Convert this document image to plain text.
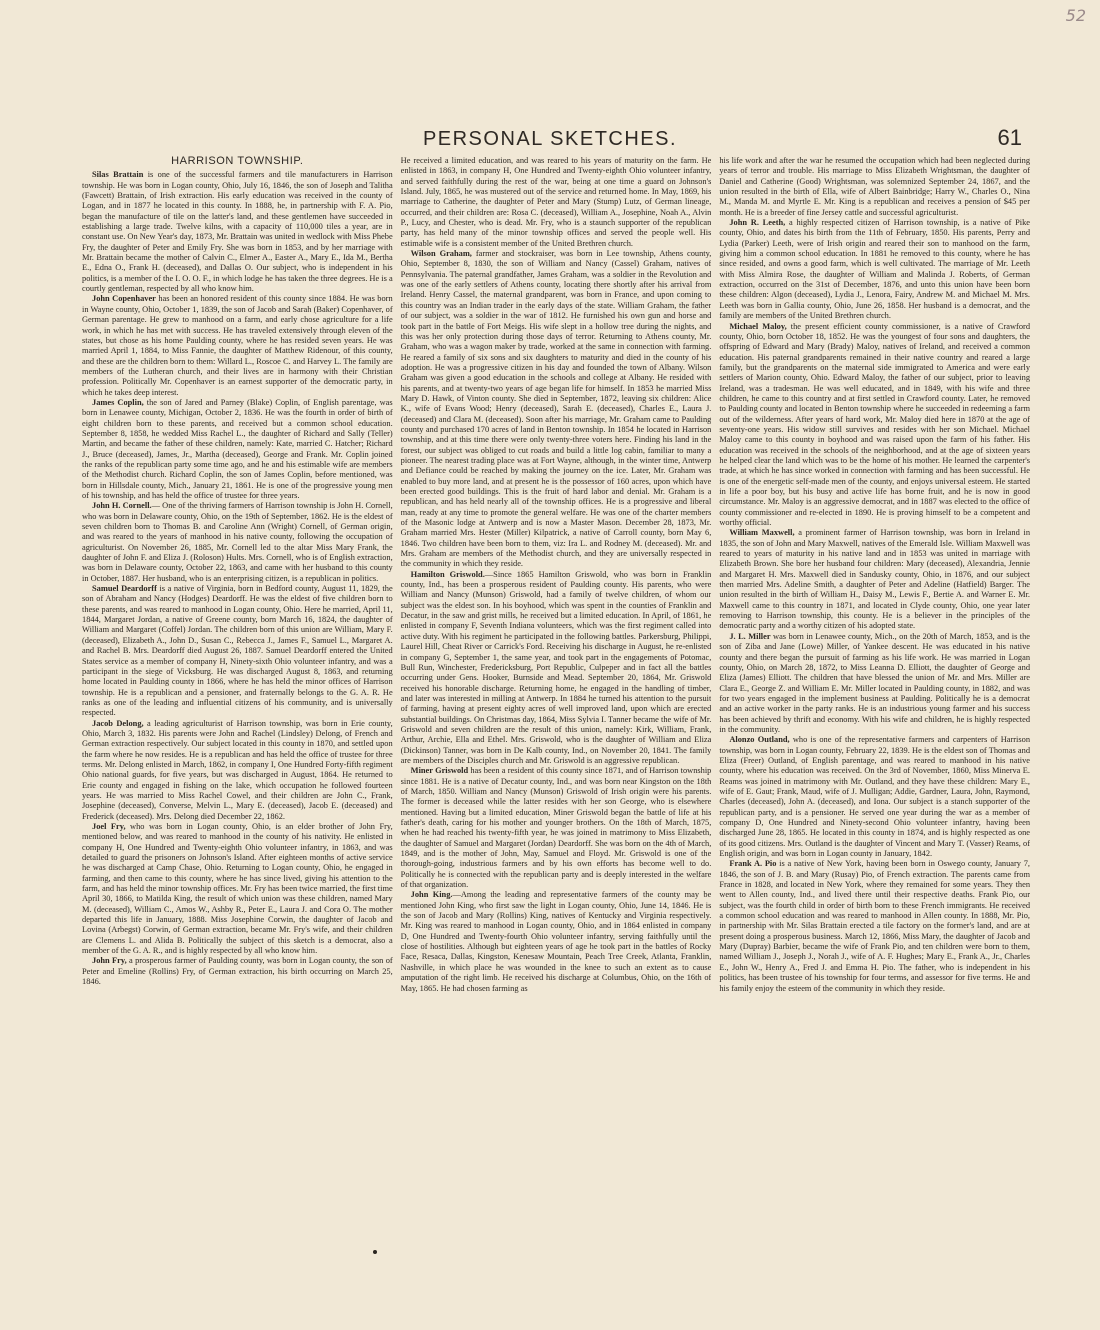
52
PERSONAL SKETCHES.	61
HARRISON TOWNSHIP.

Silas Brattain is one of the successful farmers and tile manufacturers in Harrison township. He was born in Logan county, Ohio, July 16, 1846, the son of Joseph and Talitha (Fawcett) Brattain, of Irish extraction. His early education was received in the county of Logan, and in 1877 he located in this county. In 1888, he, in partnership with F. A. Pio, began the manufacture of tile on the latter's land, and these gentlemen have succeeded in establishing a large trade. Twelve kilns, with a capacity of 110,000 tiles a year, are in constant use. On New Year's day, 1873, Mr. Brattain was united in wedlock with Miss Phebe Fry, the daughter of Peter and Emily Fry. She was born in 1853, and by her marriage with Mr. Brattain became the mother of Calvin C., Elmer A., Easter A., Mary E., Ida M., Bertha E., Edna O., Frank H. (deceased), and Dallas O. Our subject, who is independent in his politics, is a member of the I. O. O. F., in which lodge he has taken the three degrees. He is a courtly gentleman, respected by all who know him.

John Copenhaver has been an honored resident of this county since 1884. He was born in Wayne county, Ohio, October 1, 1839, the son of Jacob and Sarah (Baker) Copenhaver, of German parentage. He grew to manhood on a farm, and early chose agriculture for a life work, in which he has met with success. He has traveled extensively through eleven of the states, but chose as his home Paulding county, where he has resided seven years. He was married April 1, 1884, to Miss Fannie, the daughter of Matthew Ridenour, of this county, and these are the children born to them: Willard L., Roscoe C. and Harvey L. The family are members of the Lutheran church, and their lives are in harmony with their Christian profession. Politically Mr. Copenhaver is an earnest supporter of the democratic party, in which he takes deep interest.

James Coplin, the son of Jared and Parney (Blake) Coplin, of English parentage, was born in Lenawee county, Michigan, October 2, 1836. He was the fourth in order of birth of eight children born to these parents, and received but a common school education. September 8, 1858, he wedded Miss Rachel L., the daughter of Richard and Sally (Teller) Martin, and became the father of these children, namely: Kate, married C. Hatcher; Richard J., Bruce (deceased), James, Jr., Martha (deceased), George and Frank. Mr. Coplin joined the ranks of the republican party some time ago, and he and his estimable wife are members of the Methodist church. Richard Coplin, the son of James Coplin, before mentioned, was born in Hillsdale county, Mich., January 21, 1861. He is one of the progressive young men of his township, and has held the office of trustee for three years.

John H. Cornell.— One of the thriving farmers of Harrison township is John H. Cornell, who was born in Delaware county, Ohio, on the 19th of September, 1862. He is the eldest of seven children born to Thomas B. and Caroline Ann (Wright) Cornell, of German origin, and was reared to the years of manhood in his native county, following the occupation of agriculturist. On November 26, 1885, Mr. Cornell led to the altar Miss Mary Frank, the daughter of John F. and Eliza J. (Roloson) Hults. Mrs. Cornell, who is of English extraction, was born in Delaware county, October 22, 1863, and came with her husband to this county in October, 1887. Her husband, who is an enterprising citizen, is a republican in politics.

Samuel Deardorff is a native of Virginia, born in Bedford county, August 11, 1829, the son of Abraham and Nancy (Hodges) Deardorff. He was the eldest of five children born to these parents, and was reared to manhood in Logan county, Ohio. Here he married, April 11, 1844, Margaret Jordan, a native of Greene county, born March 16, 1824, the daughter of William and Margaret (Coffel) Jordan. The children born of this union are William, Mary F. (deceased), Elizabeth A., John D., Susan C., Rebecca J., James F., Samuel L., Margaret A. and Rachel B. Mrs. Deardorff died August 26, 1887. Samuel Deardorff entered the United States service as a member of company H, Ninety-sixth Ohio volunteer infantry, and was a participant in the siege of Vicksburg. He was discharged August 8, 1863, and returning home located in Paulding county in 1866, where he has held the minor offices of Harrison township. He is a republican and a pensioner, and fraternally belongs to the G. A. R. He ranks as one of the leading and influential citizens of his community, and is universally respected.

Jacob Delong, a leading agriculturist of Harrison township, was born in Erie county, Ohio, March 3, 1832. His parents were John and Rachel (Lindsley) Delong, of French and German extraction respectively. Our subject located in this county in 1870, and settled upon the farm where he now resides. He is a republican and has held the office of trustee for three terms. Mr. Delong enlisted in March, 1862, in company I, One Hundred Forty-fifth regiment Ohio national guards, for five years, but was discharged in August, 1864. He returned to Erie county and engaged in fishing on the lake, which occupation he followed fourteen years. He was married to Miss Rachel Cowel, and their children are John C., Frank, Josephine (deceased), Converse, Melvin L., Mary E. (deceased), Jacob E. (deceased) and Frederick (deceased). Mrs. Delong died December 22, 1862.

Joel Fry, who was born in Logan county, Ohio, is an elder brother of John Fry, mentioned below, and was reared to manhood in the county of his nativity. He enlisted in company H, One Hundred and Twenty-eighth Ohio volunteer infantry, in 1863, and was detailed to guard the prisoners on Johnson's Island. After eighteen months of active service he was discharged at Camp Chase, Ohio. Returning to Logan county, Ohio, he engaged in farming, and then came to this county, where he has since lived, giving his attention to the farm, and has held the minor township offices. Mr. Fry has been twice married, the first time April 30, 1866, to Matilda King, the result of which union was these children, named Mary M. (deceased), William C., Amos W., Ashby R., Peter E., Laura J. and Cora O. The mother departed this life in January, 1888. Miss Josephine Corwin, the daughter of Jacob and Lovina (Arbegst) Corwin, of German extraction, became Mr. Fry's wife, and their children are Clemens L. and Alida B. Politically the subject of this sketch is a democrat, also a member of the G. A. R., and is highly respected by all who know him.

John Fry, a prosperous farmer of Paulding county, was born in Logan county, the son of Peter and Emeline (Rollins) Fry, of German extraction, his birth occurring on March 25, 1846.

He received a limited education, and was reared to his years of maturity on the farm. He enlisted in 1863, in company H, One Hundred and Twenty-eighth Ohio volunteer infantry, and served faithfully during the rest of the war, being at one time a guard on Johnson's Island. July, 1865, he was mustered out of the service and returned home. In May, 1869, his marriage to Catherine, the daughter of Peter and Mary (Stump) Lutz, of German lineage, occurred, and their children are: Rosa C. (deceased), William A., Josephine, Noah A., Alvin P., Lucy, and Chester, who is dead. Mr. Fry, who is a staunch supporter of the republican party, has held many of the minor township offices and served the people well. His estimable wife is a consistent member of the United Brethren church.

Wilson Graham, farmer and stockraiser, was born in Lee township, Athens county, Ohio, September 8, 1830, the son of William and Nancy (Cassel) Graham, natives of Pennsylvania. The paternal grandfather, James Graham, was a soldier in the Revolution and was one of the early settlers of Athens county, locating there shortly after his arrival from Ireland. Henry Cassel, the maternal grandparent, was born in France, and upon coming to this country was an Indian trader in the early days of the state. William Graham, the father of our subject, was a soldier in the war of 1812. He furnished his own gun and horse and took part in the battle of Fort Meigs. His wife slept in a hollow tree during the nights, and this was her only protection during those days of terror. Returning to Athens county, Mr. Graham, who was a wagon maker by trade, worked at the same in connection with farming. He reared a family of six sons and six daughters to maturity and died in the county of his adoption. He was a progressive citizen in his day and founded the town of Albany. Wilson Graham was given a good education in the schools and college at Albany. He resided with his parents, and at twenty-two years of age began life for himself. In 1853 he married Miss Mary D. Hawk, of Vinton county. She died in September, 1872, leaving six children: Alice K., wife of Evans Wood; Henry (deceased), Sarah E. (deceased), Charles E., Laura J. (deceased) and Clara M. (deceased). Soon after his marriage, Mr. Graham came to Paulding county and purchased 170 acres of land in Benton township. In 1854 he located in Harrison township, and at this time there were only twenty-three voters here. Finding his land in the forest, our subject was obliged to cut roads and build a little log cabin, familiar to many a pioneer. The nearest trading place was at Fort Wayne, although, in the winter time, Antwerp and Defiance could be reached by making the journey on the ice. Later, Mr. Graham was enabled to buy more land, and at present he is the possessor of 160 acres, upon which have been erected good buildings. This is the fruit of hard labor and denial. Mr. Graham is a republican, and has held nearly all of the township offices. He is a progressive and liberal man, ready at any time to promote the general welfare. He was one of the charter members of the Masonic lodge at Antwerp and is now a Master Mason. December 28, 1873, Mr. Graham married Mrs. Hester (Miller) Kilpatrick, a native of Carroll county, born May 6, 1846. Two children have been born to them, viz: Ira L. and Rodney M. (deceased). Mr. and Mrs. Graham are members of the Methodist church, and they are universally respected in the community in which they reside.

Hamilton Griswold.—Since 1865 Hamilton Griswold, who was born in Franklin county, Ind., has been a prosperous resident of Paulding county. His parents, who were William and Nancy (Munson) Griswold, had a family of twelve children, of whom our subject was the eldest son. In his boyhood, which was spent in the counties of Franklin and Decatur, in the saw and grist mills, he received but a limited education. In April, of 1861, he enlisted in company F, Seventh Indiana volunteers, which was the first regiment called into active duty. With his regiment he participated in the following battles. Parkersburg, Philippi, Laurel Hill, Cheat River or Carrick's Ford. Receiving his discharge in August, he re-enlisted in company G, September 1, the same year, and took part in the engagements of Potomac, Bull Run, Winchester, Fredericksburg, Port Republic, Culpeper and in fact all the battles occurring under Gens. Hooker, Burnside and Mead. September 20, 1864, Mr. Griswold received his honorable discharge. Returning home, he engaged in the handling of timber, and later was interested in milling at Antwerp. In 1884 he turned his attention to the pursuit of farming, having at present eighty acres of well improved land, upon which are erected substantial buildings. On Christmas day, 1864, Miss Sylvia I. Tanner became the wife of Mr. Griswold and seven children are the result of this union, namely: Kirk, William, Frank, Arthur, Archie, Ella and Ethel. Mrs. Griswold, who is the daughter of William and Eliza (Dickinson) Tanner, was born in De Kalb county, Ind., on November 20, 1841. The family are members of the Disciples church and Mr. Griswold is an aggressive republican.

Miner Griswold has been a resident of this county since 1871, and of Harrison township since 1881. He is a native of Decatur county, Ind., and was born near Kingston on the 18th of March, 1850. William and Nancy (Munson) Griswold of Irish origin were his parents. The former is deceased while the latter resides with her son George, who is elsewhere mentioned. Having but a limited education, Miner Griswold began the battle of life at his father's death, caring for his mother and younger brothers. On the 18th of March, 1875, when he had reached his twenty-fifth year, he was joined in matrimony to Miss Elizabeth, the daughter of Samuel and Margaret (Jordan) Deardorff. She was born on the 4th of March, 1849, and is the mother of John, May, Samuel and Floyd. Mr. Griswold is one of the thorough-going, industrious farmers and by his own efforts has become well to do. Politically he is connected with the republican party and is deeply interested in the welfare of that organization.

John King.—Among the leading and representative farmers of the county may be mentioned John King, who first saw the light in Logan county, Ohio, June 14, 1846. He is the son of Jacob and Mary (Rollins) King, natives of Kentucky and Virginia respectively. Mr. King was reared to manhood in Logan county, Ohio, and in 1864 enlisted in company D, One Hundred and Twenty-fourth Ohio volunteer infantry, serving faithfully until the close of hostilities. Although but eighteen years of age he took part in the battles of Rocky Face, Resaca, Dallas, Kingston, Kenesaw Mountain, Peach Tree Creek, Atlanta, Franklin, Nashville, in which place he was wounded in the knee to such an extent as to cause amputation of the right limb. He received his discharge at Columbus, Ohio, on the 16th of May, 1865. He had chosen farming as

his life work and after the war he resumed the occupation which had been neglected during years of terror and trouble. His marriage to Miss Elizabeth Wrightsman, the daughter of Daniel and Catherine (Good) Wrightsman, was solemnized September 24, 1867, and the union resulted in the birth of Ella, wife of Albert Bainbridge; Harry W., Charles O., Nina M., Manda M. and Myrtle E. Mr. King is a republican and receives a pension of $45 per month. He is a breeder of fine Jersey cattle and successful agriculturist.

John R. Leeth, a highly respected citizen of Harrison township, is a native of Pike county, Ohio, and dates his birth from the 11th of February, 1850. His parents, Perry and Lydia (Parker) Leeth, were of Irish origin and reared their son to manhood on the farm, giving him a common school education. In 1881 he removed to this county, where he has since resided, and owns a good farm, which is well cultivated. The marriage of Mr. Leeth with Miss Almira Rose, the daughter of William and Malinda J. Roberts, of German extraction, occurred on the 31st of December, 1876, and unto this union have been born these children: Algon (deceased), Lydia J., Lenora, Fairy, Andrew M. and Michael M. Mrs. Leeth was born in Gallia county, Ohio, June 26, 1858. Her husband is a democrat, and the family are members of the United Brethren church.

Michael Maloy, the present efficient county commissioner, is a native of Crawford county, Ohio, born October 18, 1852. He was the youngest of four sons and daughters, the offspring of Edward and Mary (Brady) Maloy, natives of Ireland, and received a common education. His paternal grandparents remained in their native country and reared a large family, but the grandparents on the maternal side immigrated to America and were early settlers of Marion county, Ohio. Edward Maloy, the father of our subject, prior to leaving Ireland, was a tradesman. He was well educated, and in 1849, with his wife and three children, he came to this country and at first settled in Crawford county. Later, he removed to Paulding county and located in Benton township where he succeeded in redeeming a farm out of the wilderness. After years of hard work, Mr. Maloy died here in 1870 at the age of seventy-one years. His widow still survives and resides with her son Michael. Michael Maloy came to this county in boyhood and was raised upon the farm of his father. His education was received in the schools of the neighborhood, and at the age of sixteen years he helped clear the land which was to be the home of his mother. He learned the carpenter's trade, at which he has since worked in connection with farming and has been successful. He is one of the energetic self-made men of the county, and enjoys universal esteem. He started in life a poor boy, but his busy and active life has borne fruit, and he is now in good circumstance. Mr. Maloy is an aggressive democrat, and in 1887 was elected to the office of county commissioner and re-elected in 1890. He is proving himself to be a competent and worthy official.

William Maxwell, a prominent farmer of Harrison township, was born in Ireland in 1835, the son of John and Mary Maxwell, natives of the Emerald Isle. William Maxwell was reared to years of maturity in his native land and in 1853 was united in marriage with Elizabeth Brown. She bore her husband four children: Mary (deceased), Alexandria, Jennie and Margaret H. Mrs. Maxwell died in Sandusky county, Ohio, in 1876, and our subject then married Mrs. Adeline Smith, a daughter of Peter and Adeline (Hatfield) Barger. The union resulted in the birth of William H., Daisy M., Lewis F., Bertie A. and Warner E. Mr. Maxwell came to this country in 1871, and located in Clyde county, Ohio, one year later removing to Harrison township, this county. He is a believer in the principles of the democratic party and a worthy citizen of his adopted state.

J. L. Miller was born in Lenawee county, Mich., on the 20th of March, 1853, and is the son of Ziba and Jane (Lowe) Miller, of Yankee descent. He was educated in his native county and there began the pursuit of farming as his life work. He was married in Logan county, Ohio, on March 28, 1872, to Miss Leanna D. Elliott, the daughter of George and Eliza (James) Elliott. The children that have blessed the union of Mr. and Mrs. Miller are Clara E., George Z. and William E. Mr. Miller located in Paulding county, in 1882, and was for two years engaged in the implement business at Paulding. Politically he is a democrat and an active worker in the party ranks. He is an industrious young farmer and his success has been achieved by thrift and economy. With his wife and children, he is highly respected in the community.

Alonzo Outland, who is one of the representative farmers and carpenters of Harrison township, was born in Logan county, February 22, 1839. He is the eldest son of Thomas and Eliza (Freer) Outland, of English parentage, and was reared to manhood in his native county, where his education was received. On the 3rd of November, 1860, Miss Minerva E. Reams was joined in matrimony with Mr. Outland, and they have these children: Mary E., wife of E. Gaut; Frank, Maud, wife of J. Mulligan; Addie, Gardner, Laura, John, Raymond, Charles (deceased), John A. (deceased), and Iona. Our subject is a stanch supporter of the republican party, and is a pensioner. He served one year during the war as a member of company D, One Hundred and Ninety-second Ohio volunteer infantry, having been discharged June 28, 1865. He located in this county in 1874, and is highly respected as one of its good citizens. Mrs. Outland is the daughter of Vincent and Mary T. (Vasser) Reams, of English origin, and was born in Logan county in January, 1842.

Frank A. Pio is a native of New York, having been born in Oswego county, January 7, 1846, the son of J. B. and Mary (Rusay) Pio, of French extraction. The parents came from France in 1828, and located in New York, where they remained for some years. They then went to Allen county, Ind., and lived there until their respective deaths. Frank Pio, our subject, was the fourth child in order of birth born to these French immigrants. He received a common school education and was reared to manhood in Allen county. In 1888, Mr. Pio, in partnership with Mr. Silas Brattain erected a tile factory on the former's land, and are at present doing a prosperous business. March 12, 1866, Miss Mary, the daughter of Jacob and Mary (Dupray) Barbier, became the wife of Frank Pio, and ten children were born to them, named William J., Joseph J., Norah J., wife of A. F. Hughes; Mary E., Frank A., Jr., Charles E., John W., Henry A., Fred J. and Emma H. Pio. The father, who is independent in his politics, has been trustee of his township for four terms, and assessor for five terms. He and his family enjoy the esteem of the community in which they reside.
